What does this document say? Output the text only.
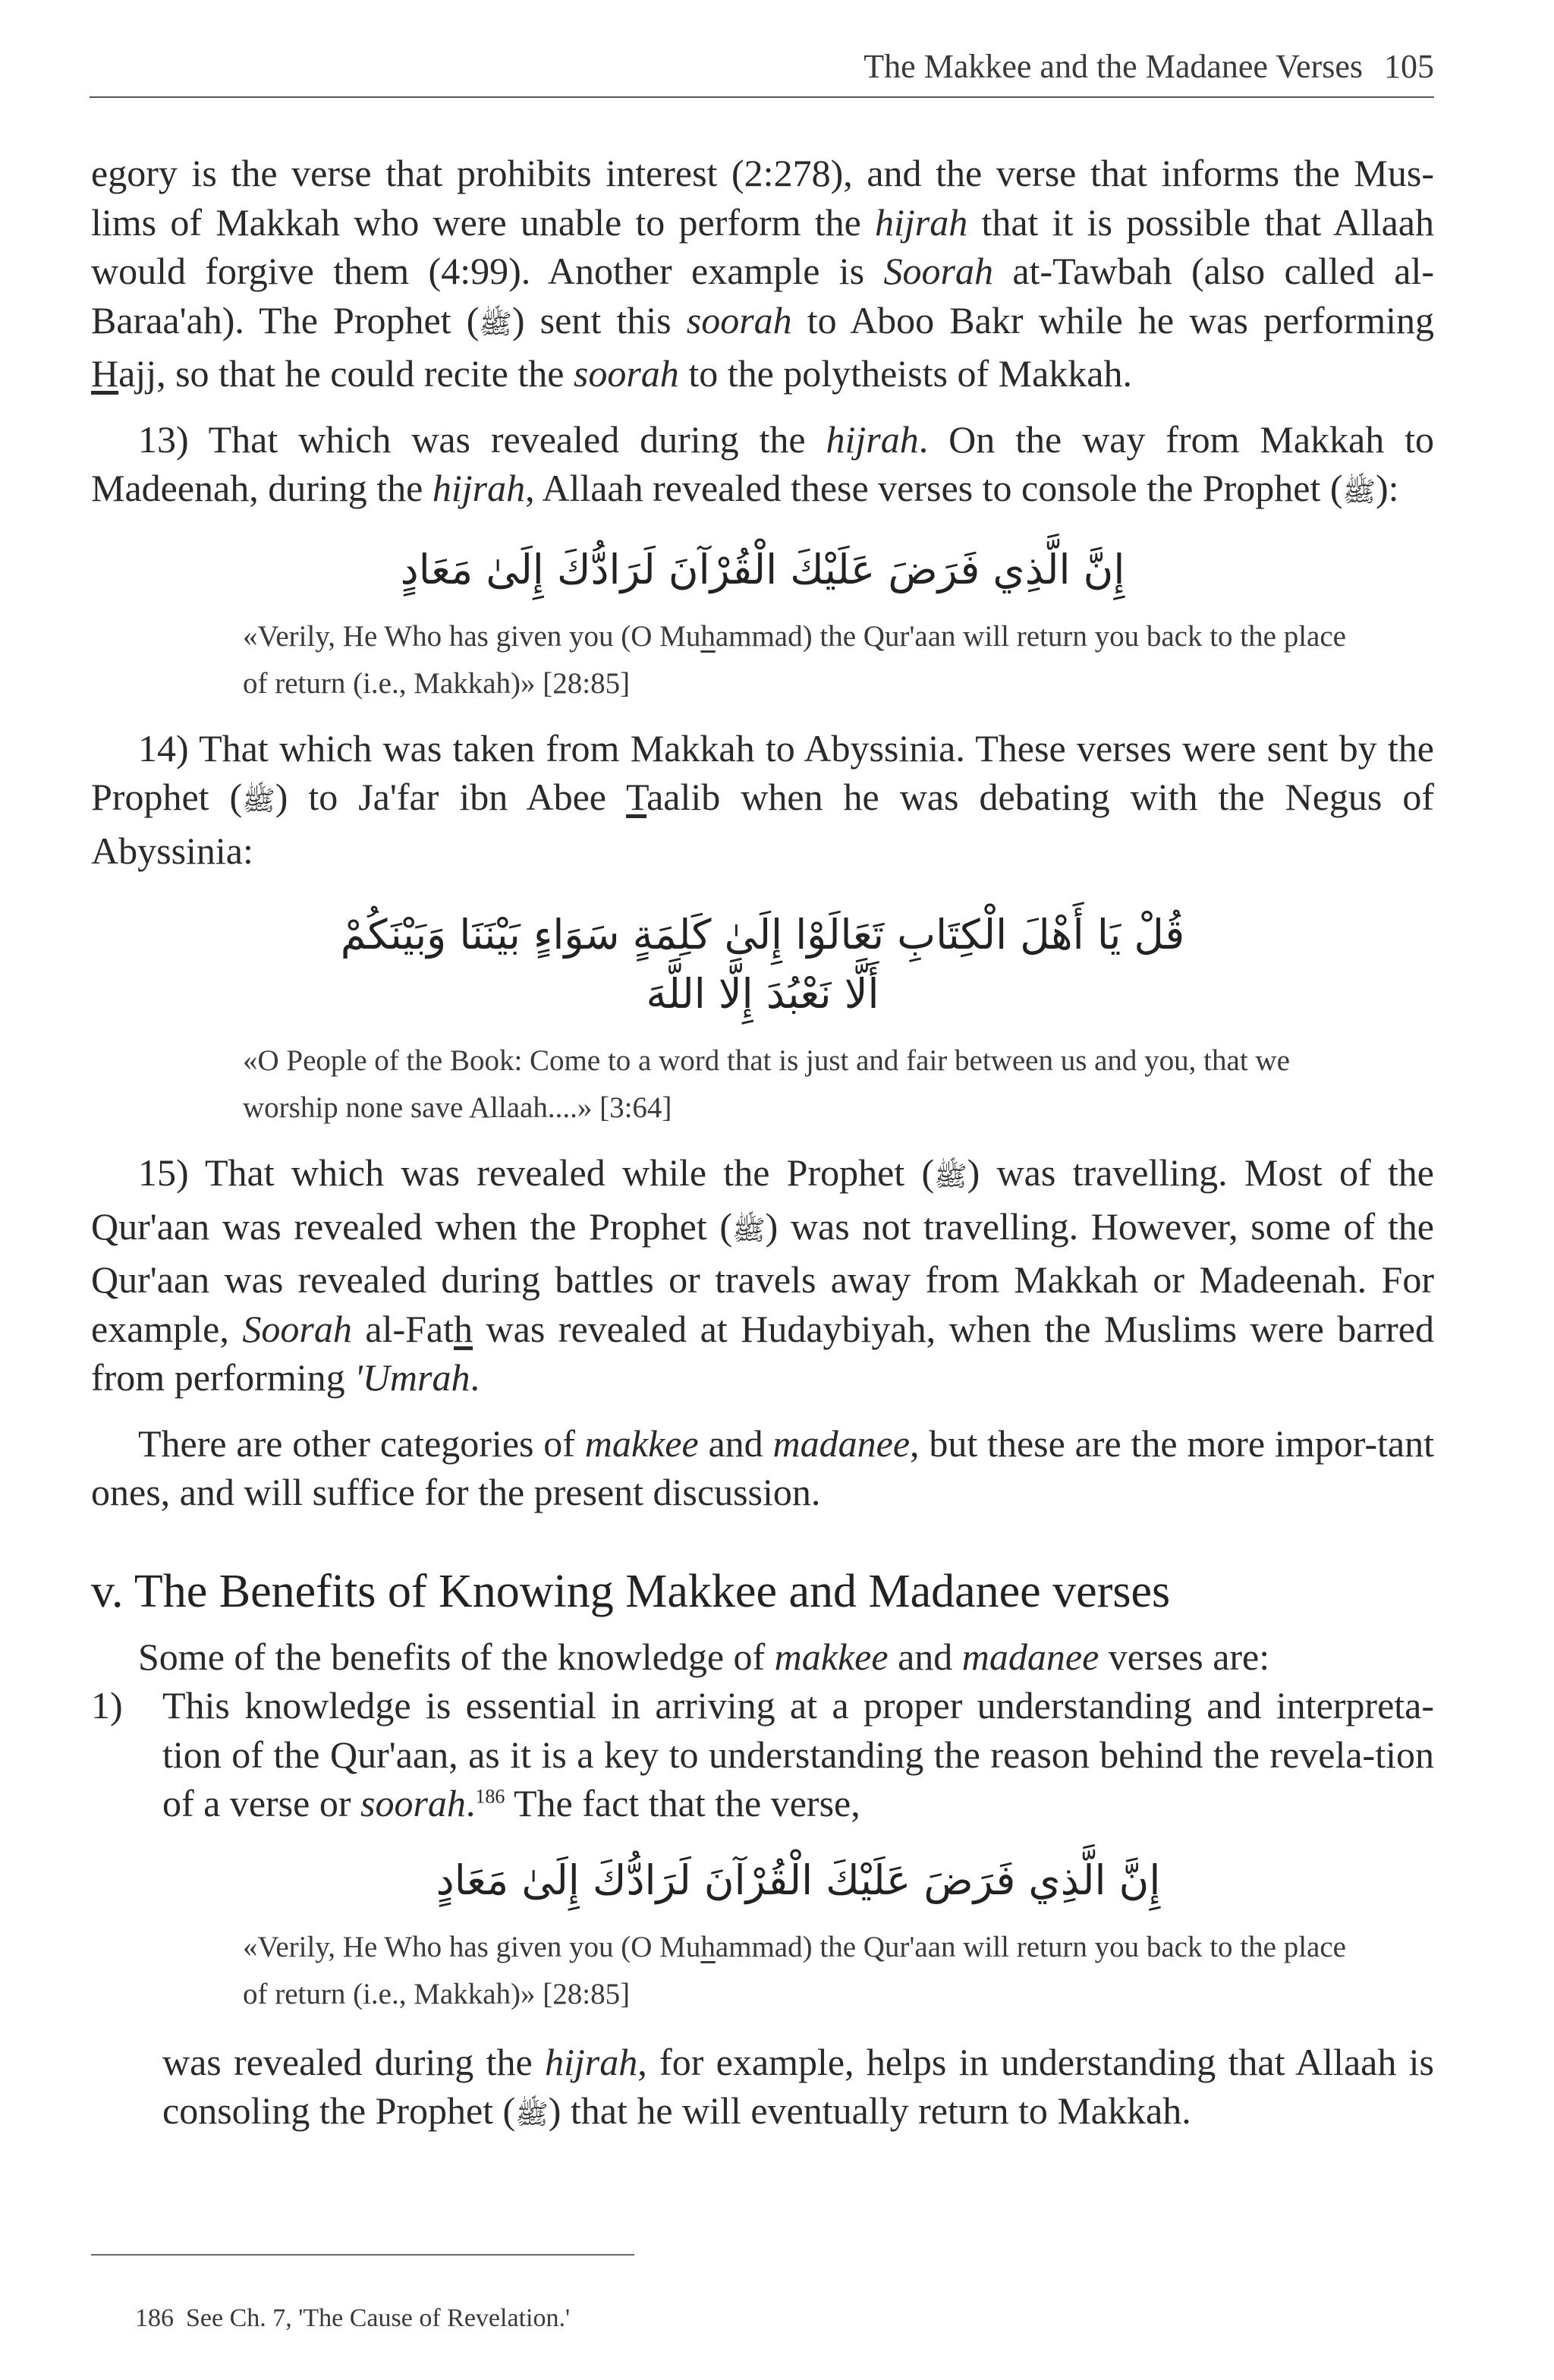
The Makkee and the Madanee Verses 105

egory is the verse that prohibits interest (2:278), and the verse that informs the Mus-lims of Makkah who were unable to perform the hijrah that it is possible that Allaah would forgive them (4:99). Another example is Soorah at-Tawbah (also called al-Baraa'ah). The Prophet (ﷺ) sent this soorah to Aboo Bakr while he was performing Hajj, so that he could recite the soorah to the polytheists of Makkah.

13) That which was revealed during the hijrah. On the way from Makkah to Madeenah, during the hijrah, Allaah revealed these verses to console the Prophet (ﷺ):

إِنَّ الَّذِي فَرَضَ عَلَيْكَ الْقُرْآنَ لَرَادُّكَ إِلَىٰ مَعَادٍ

«Verily, He Who has given you (O Muhammad) the Qur'aan will return you back to the place of return (i.e., Makkah)» [28:85]

14) That which was taken from Makkah to Abyssinia. These verses were sent by the Prophet (ﷺ) to Ja'far ibn Abee Taalib when he was debating with the Negus of Abyssinia:

قُلْ يَا أَهْلَ الْكِتَابِ تَعَالَوْا إِلَىٰ كَلِمَةٍ سَوَاءٍ بَيْنَنَا وَبَيْنَكُمْ
أَلَّا نَعْبُدَ إِلَّا اللَّهَ

«O People of the Book: Come to a word that is just and fair between us and you, that we worship none save Allaah....» [3:64]

15) That which was revealed while the Prophet (ﷺ) was travelling. Most of the Qur'aan was revealed when the Prophet (ﷺ) was not travelling. However, some of the Qur'aan was revealed during battles or travels away from Makkah or Madeenah. For example, Soorah al-Fath was revealed at Hudaybiyah, when the Muslims were barred from performing 'Umrah.

There are other categories of makkee and madanee, but these are the more impor-tant ones, and will suffice for the present discussion.

v. The Benefits of Knowing Makkee and Madanee verses

Some of the benefits of the knowledge of makkee and madanee verses are:

1) This knowledge is essential in arriving at a proper understanding and interpreta-tion of the Qur'aan, as it is a key to understanding the reason behind the revela-tion of a verse or soorah.$^{186}$ The fact that the verse,

إِنَّ الَّذِي فَرَضَ عَلَيْكَ الْقُرْآنَ لَرَادُّكَ إِلَىٰ مَعَادٍ

«Verily, He Who has given you (O Muhammad) the Qur'aan will return you back to the place of return (i.e., Makkah)» [28:85]

was revealed during the hijrah, for example, helps in understanding that Allaah is consoling the Prophet (ﷺ) that he will eventually return to Makkah.

186 See Ch. 7, 'The Cause of Revelation.'
